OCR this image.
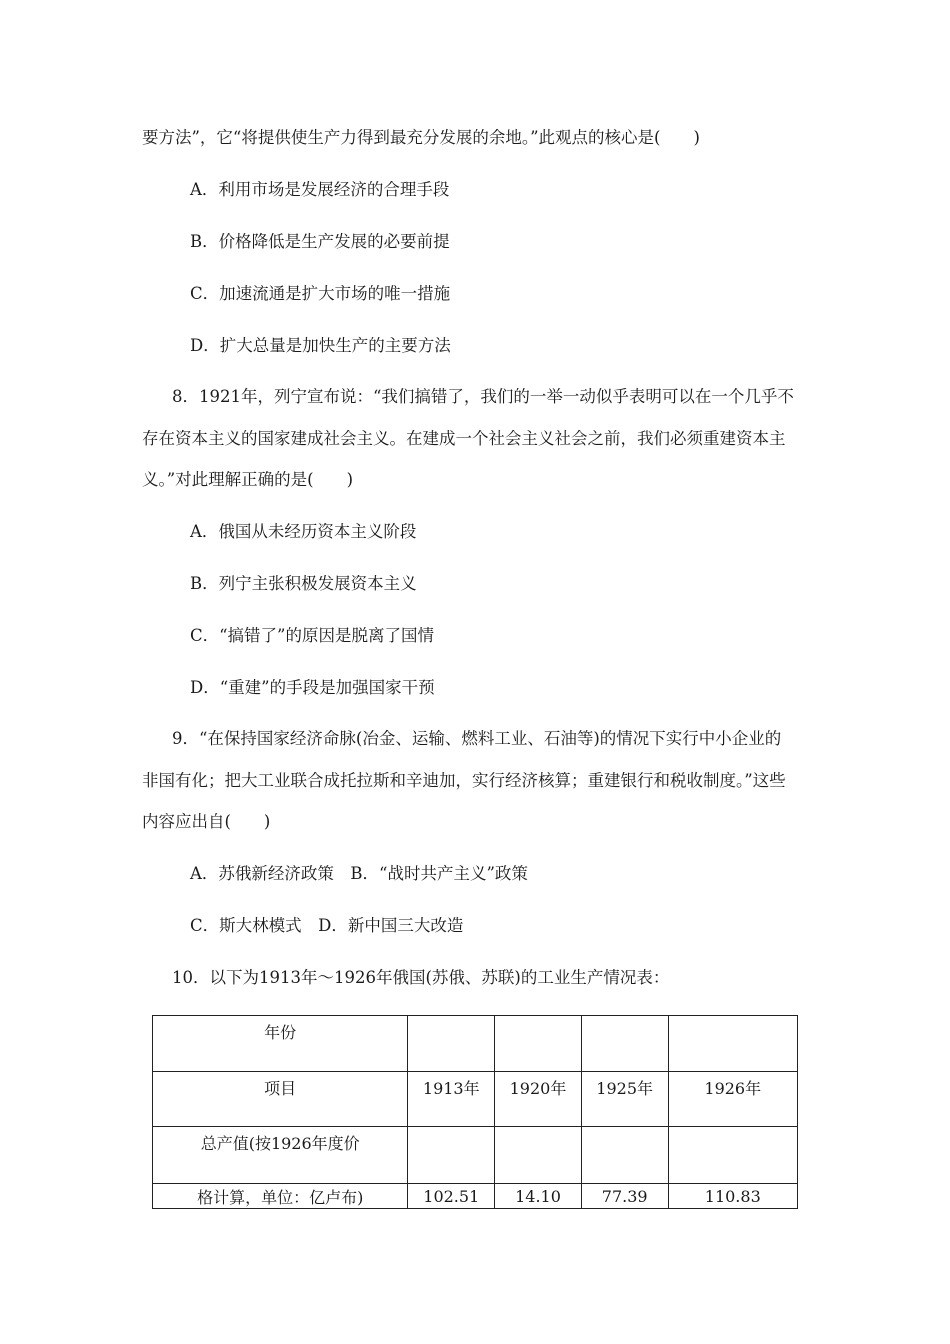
要方法”，它“将提供使生产力得到最充分发展的余地。”此观点的核心是(　　)
A．利用市场是发展经济的合理手段
B．价格降低是生产发展的必要前提
C．加速流通是扩大市场的唯一措施
D．扩大总量是加快生产的主要方法
8．1921年，列宁宣布说：“我们搞错了，我们的一举一动似乎表明可以在一个几乎不
存在资本主义的国家建成社会主义。在建成一个社会主义社会之前，我们必须重建资本主
义。”对此理解正确的是(　　)
A．俄国从未经历资本主义阶段
B．列宁主张积极发展资本主义
C．“搞错了”的原因是脱离了国情
D．“重建”的手段是加强国家干预
9．“在保持国家经济命脉(冶金、运输、燃料工业、石油等)的情况下实行中小企业的
非国有化；把大工业联合成托拉斯和辛迪加，实行经济核算；重建银行和税收制度。”这些
内容应出自(　　)
A．苏俄新经济政策　B．“战时共产主义”政策
C．斯大林模式　D．新中国三大改造
10．以下为1913年～1926年俄国(苏俄、苏联)的工业生产情况表：
年份				

项目	1913年	1920年	1925年	1926年

总产值(按1926年度价				

格计算，单位：亿卢布)	102.51	14.10	77.39	110.83
